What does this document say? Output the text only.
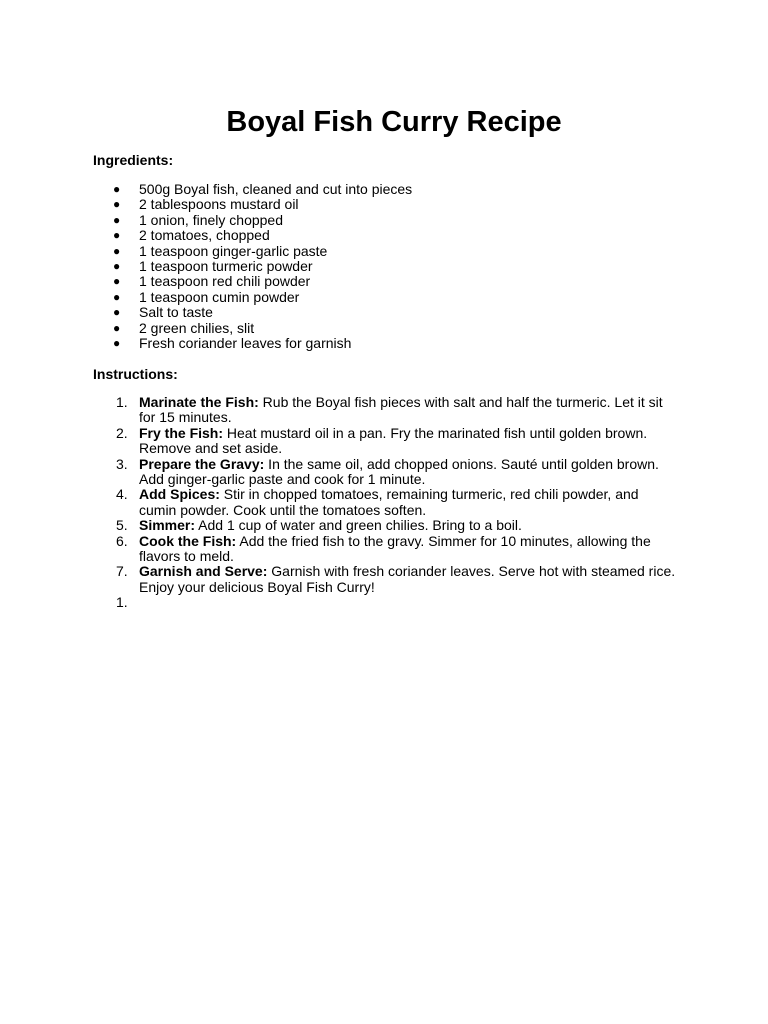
Boyal Fish Curry Recipe

Ingredients:

● 500g Boyal fish, cleaned and cut into pieces
● 2 tablespoons mustard oil
● 1 onion, finely chopped
● 2 tomatoes, chopped
● 1 teaspoon ginger-garlic paste
● 1 teaspoon turmeric powder
● 1 teaspoon red chili powder
● 1 teaspoon cumin powder
● Salt to taste
● 2 green chilies, slit
● Fresh coriander leaves for garnish

Instructions:

1. Marinate the Fish: Rub the Boyal fish pieces with salt and half the turmeric. Let it sit for 15 minutes.
2. Fry the Fish: Heat mustard oil in a pan. Fry the marinated fish until golden brown. Remove and set aside.
3. Prepare the Gravy: In the same oil, add chopped onions. Sauté until golden brown. Add ginger-garlic paste and cook for 1 minute.
4. Add Spices: Stir in chopped tomatoes, remaining turmeric, red chili powder, and cumin powder. Cook until the tomatoes soften.
5. Simmer: Add 1 cup of water and green chilies. Bring to a boil.
6. Cook the Fish: Add the fried fish to the gravy. Simmer for 10 minutes, allowing the flavors to meld.
7. Garnish and Serve: Garnish with fresh coriander leaves. Serve hot with steamed rice. Enjoy your delicious Boyal Fish Curry!
1.
